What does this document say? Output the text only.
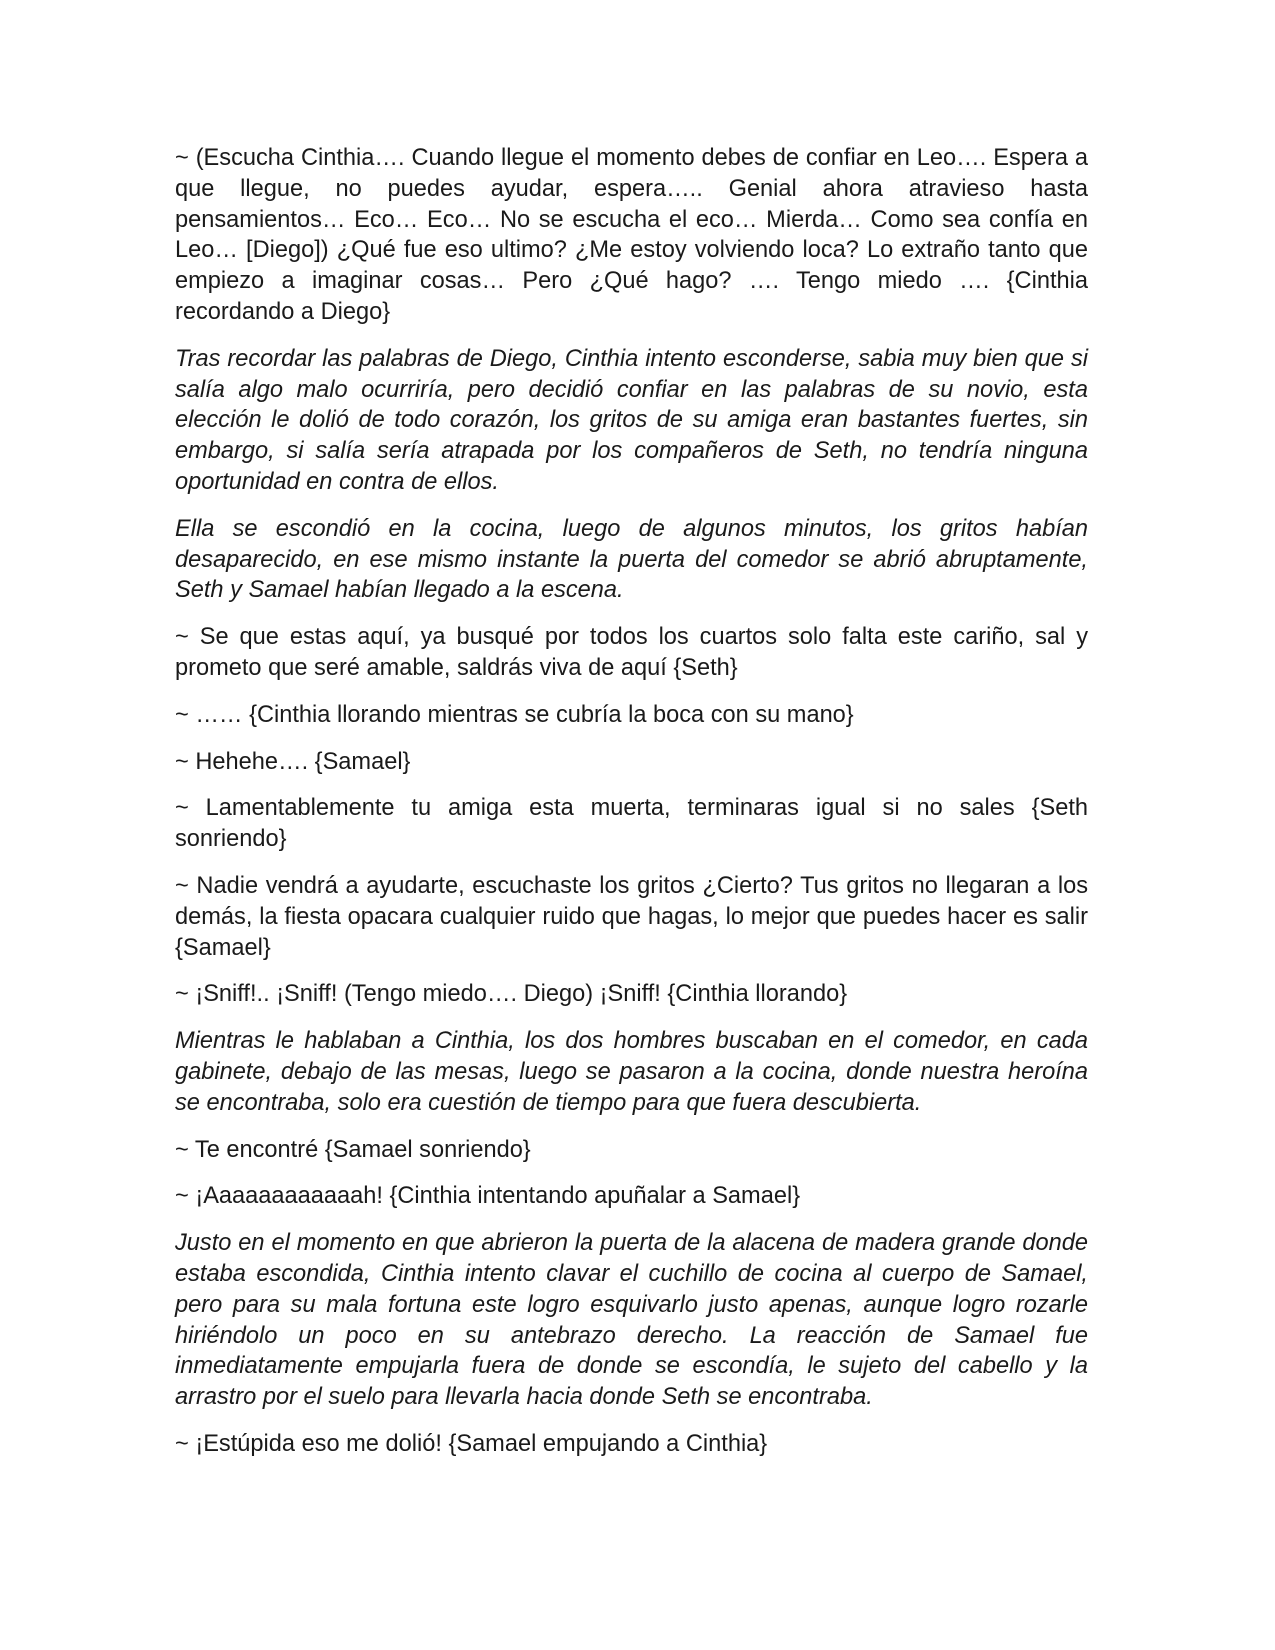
~ (Escucha Cinthia…. Cuando llegue el momento debes de confiar en Leo…. Espera a que llegue, no puedes ayudar, espera….. Genial ahora atravieso hasta pensamientos… Eco… Eco… No se escucha el eco… Mierda… Como sea confía en Leo… [Diego]) ¿Qué fue eso ultimo? ¿Me estoy volviendo loca? Lo extraño tanto que empiezo a imaginar cosas… Pero ¿Qué hago? …. Tengo miedo …. {Cinthia recordando a Diego}

Tras recordar las palabras de Diego, Cinthia intento esconderse, sabia muy bien que si salía algo malo ocurriría, pero decidió confiar en las palabras de su novio, esta elección le dolió de todo corazón, los gritos de su amiga eran bastantes fuertes, sin embargo, si salía sería atrapada por los compañeros de Seth, no tendría ninguna oportunidad en contra de ellos.

Ella se escondió en la cocina, luego de algunos minutos, los gritos habían desaparecido, en ese mismo instante la puerta del comedor se abrió abruptamente, Seth y Samael habían llegado a la escena.

~ Se que estas aquí, ya busqué por todos los cuartos solo falta este cariño, sal y prometo que seré amable, saldrás viva de aquí {Seth}

~ …… {Cinthia llorando mientras se cubría la boca con su mano}

~ Hehehe…. {Samael}

~ Lamentablemente tu amiga esta muerta, terminaras igual si no sales {Seth sonriendo}

~ Nadie vendrá a ayudarte, escuchaste los gritos ¿Cierto? Tus gritos no llegaran a los demás, la fiesta opacara cualquier ruido que hagas, lo mejor que puedes hacer es salir {Samael}

~ ¡Sniff!.. ¡Sniff! (Tengo miedo…. Diego) ¡Sniff! {Cinthia llorando}

Mientras le hablaban a Cinthia, los dos hombres buscaban en el comedor, en cada gabinete, debajo de las mesas, luego se pasaron a la cocina, donde nuestra heroína se encontraba, solo era cuestión de tiempo para que fuera descubierta.

~ Te encontré {Samael sonriendo}

~ ¡Aaaaaaaaaaaah! {Cinthia intentando apuñalar a Samael}

Justo en el momento en que abrieron la puerta de la alacena de madera grande donde estaba escondida, Cinthia intento clavar el cuchillo de cocina al cuerpo de Samael, pero para su mala fortuna este logro esquivarlo justo apenas, aunque logro rozarle hiriéndolo un poco en su antebrazo derecho. La reacción de Samael fue inmediatamente empujarla fuera de donde se escondía, le sujeto del cabello y la arrastro por el suelo para llevarla hacia donde Seth se encontraba.

~ ¡Estúpida eso me dolió! {Samael empujando a Cinthia}
